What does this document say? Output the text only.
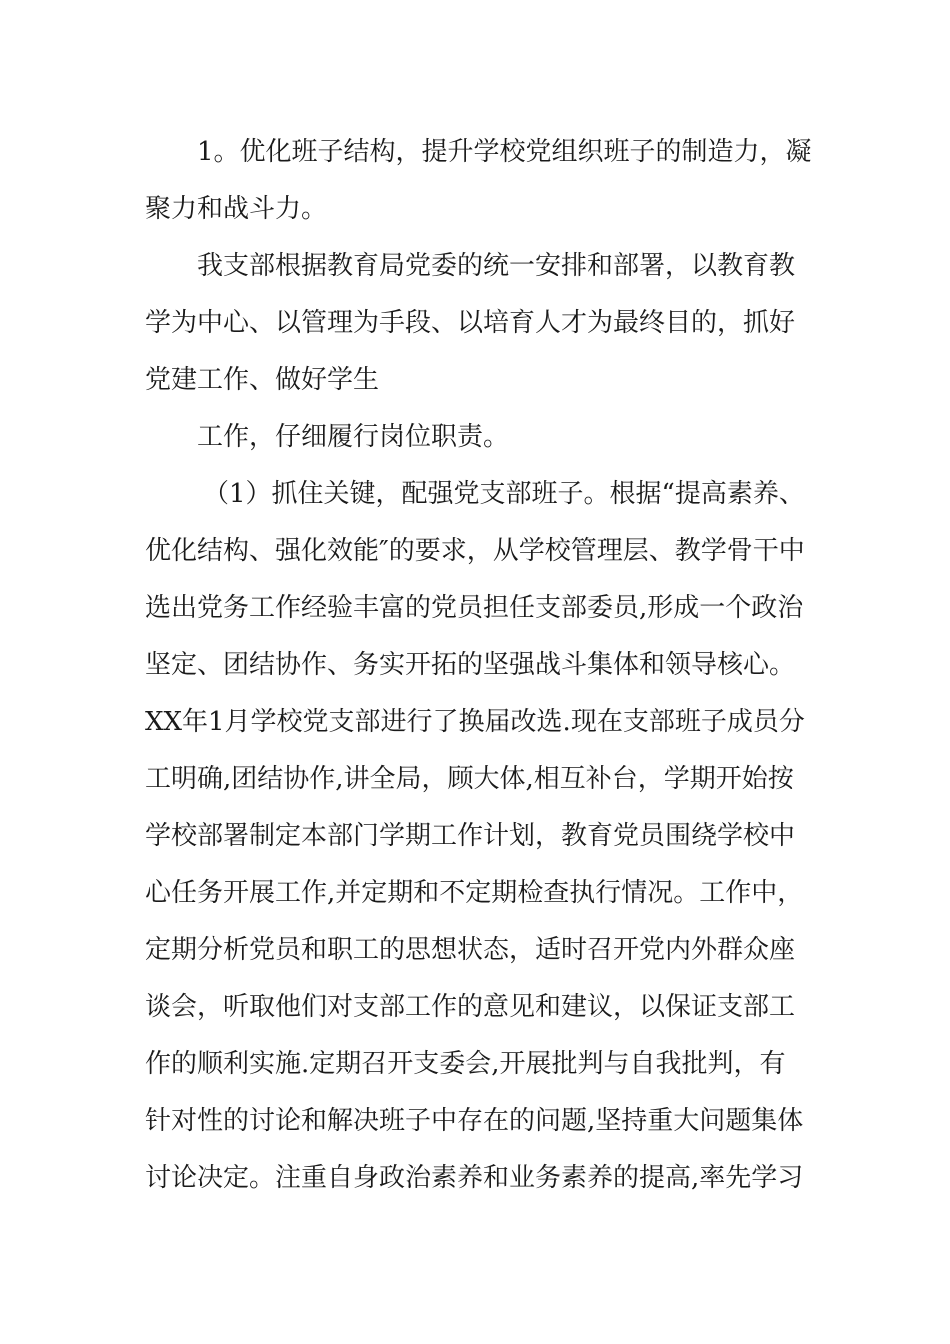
1。优化班子结构，提升学校党组织班子的制造力，凝
聚力和战斗力。
我支部根据教育局党委的统一安排和部署，以教育教
学为中心、以管理为手段、以培育人才为最终目的，抓好
党建工作、做好学生
工作，仔细履行岗位职责。
（1）抓住关键，配强党支部班子。根据“提高素养、
优化结构、强化效能″的要求，从学校管理层、教学骨干中
选出党务工作经验丰富的党员担任支部委员,形成一个政治
坚定、团结协作、务实开拓的坚强战斗集体和领导核心。
XX年1月学校党支部进行了换届改选.现在支部班子成员分
工明确,团结协作,讲全局，顾大体,相互补台，学期开始按
学校部署制定本部门学期工作计划，教育党员围绕学校中
心任务开展工作,并定期和不定期检查执行情况。工作中，
定期分析党员和职工的思想状态，适时召开党内外群众座
谈会，听取他们对支部工作的意见和建议，以保证支部工
作的顺利实施.定期召开支委会,开展批判与自我批判，有
针对性的讨论和解决班子中存在的问题,坚持重大问题集体
讨论决定。注重自身政治素养和业务素养的提高,率先学习
